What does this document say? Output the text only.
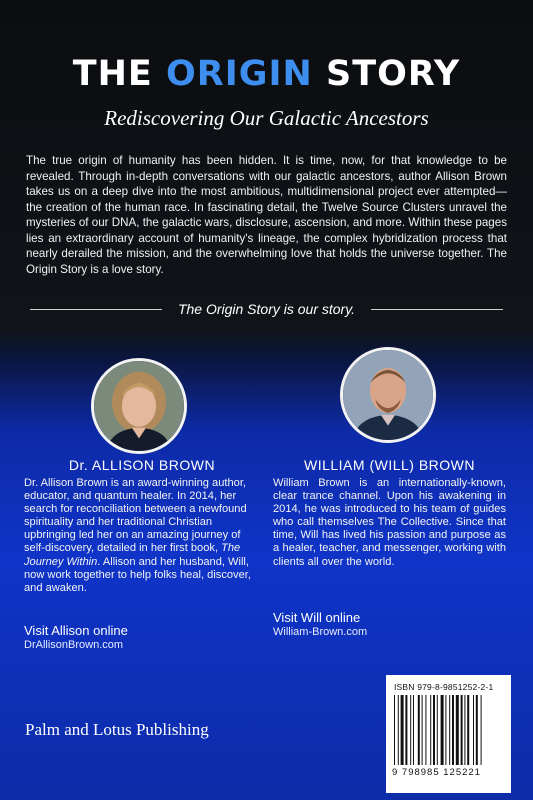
THE ORIGIN STORY
Rediscovering Our Galactic Ancestors
The true origin of humanity has been hidden. It is time, now, for that knowledge to be revealed. Through in-depth conversations with our galactic ancestors, author Allison Brown takes us on a deep dive into the most ambitious, multidimensional project ever attempted—the creation of the human race. In fascinating detail, the Twelve Source Clusters unravel the mysteries of our DNA, the galactic wars, disclosure, ascension, and more. Within these pages lies an extraordinary account of humanity's lineage, the complex hybridization process that nearly derailed the mission, and the overwhelming love that holds the universe together. The Origin Story is a love story.
The Origin Story is our story.
Dr. ALLISON BROWN
Dr. Allison Brown is an award-winning author, educator, and quantum healer. In 2014, her search for reconciliation between a newfound spirituality and her traditional Christian upbringing led her on an amazing journey of self-discovery, detailed in her first book, The Journey Within. Allison and her husband, Will, now work together to help folks heal, discover, and awaken.
Visit Allison online
DrAllisonBrown.com
WILLIAM (WILL) BROWN
William Brown is an internationally-known, clear trance channel. Upon his awakening in 2014, he was introduced to his team of guides who call themselves The Collective. Since that time, Will has lived his passion and purpose as a healer, teacher, and messenger, working with clients all over the world.
Visit Will online
William-Brown.com
Palm and Lotus Publishing
ISBN 979-8-9851252-2-1
9 798985 125221
